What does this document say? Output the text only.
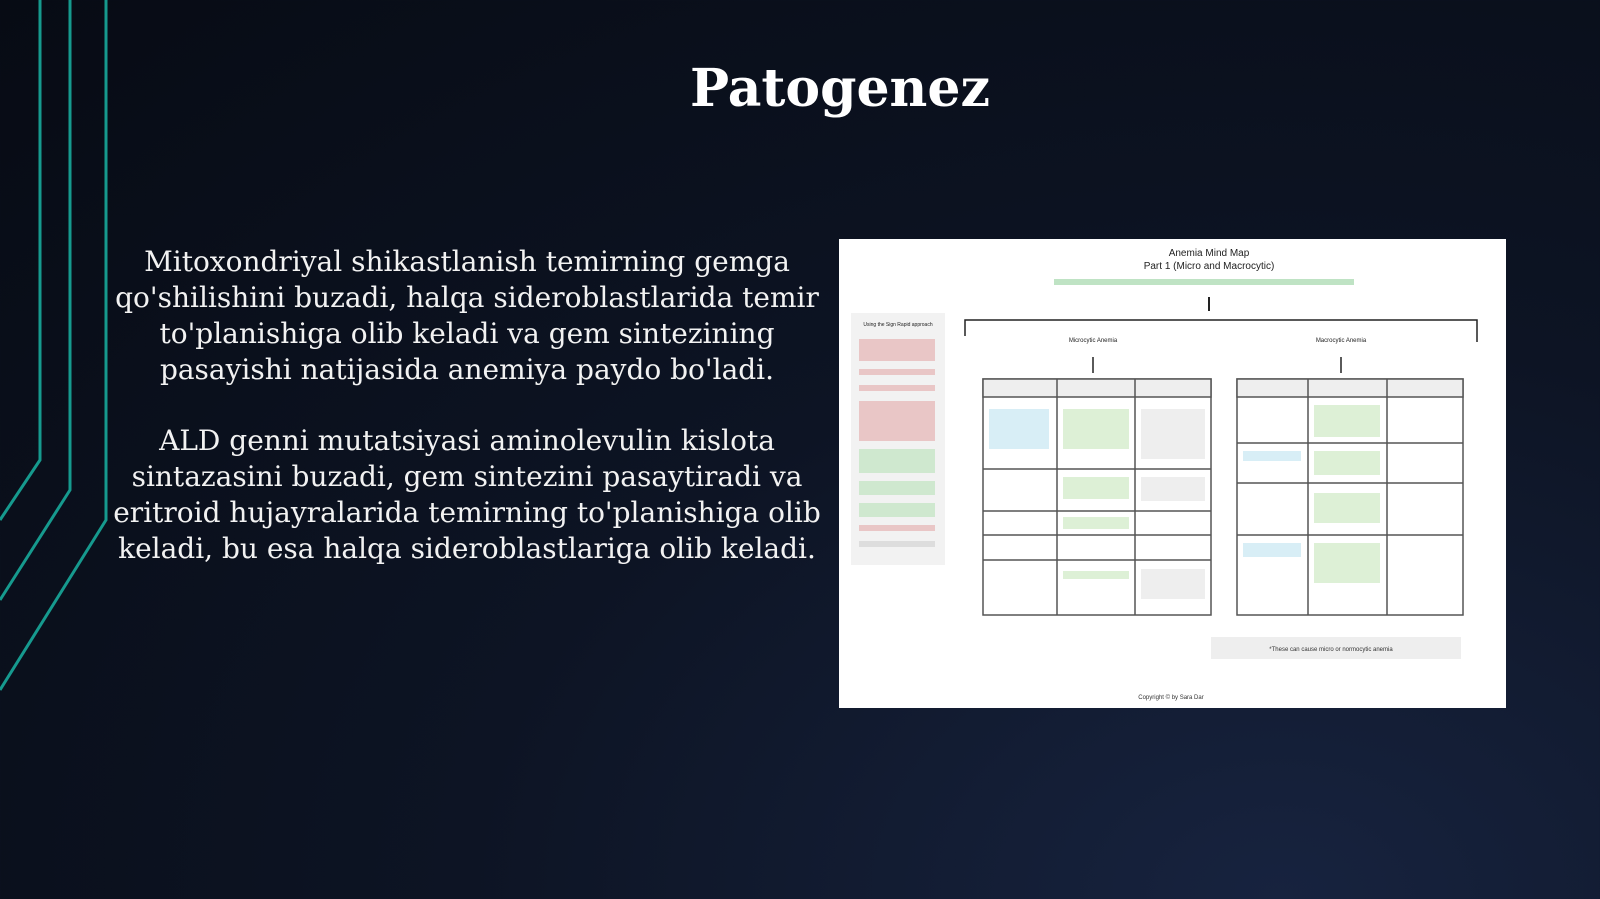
Patogenez

Mitoxondriyal shikastlanish temirning gemga qo'shilishini buzadi, halqa sideroblastlarida temir to'planishiga olib keladi va gem sintezining pasayishi natijasida anemiya paydo bo'ladi.

ALD genni mutatsiyasi aminolevulin kislota sintazasini buzadi, gem sintezini pasaytiradi va eritroid hujayralarida temirning to'planishiga olib keladi, bu esa halqa sideroblastlariga olib keladi.

Anemia Mind Map
Part 1 (Micro and Macrocytic)
Using the Sign Rapid approach
Microcytic Anemia	Macrocytic Anemia
*These can cause micro or normocytic anemia
Copyright © by Sara Dar
